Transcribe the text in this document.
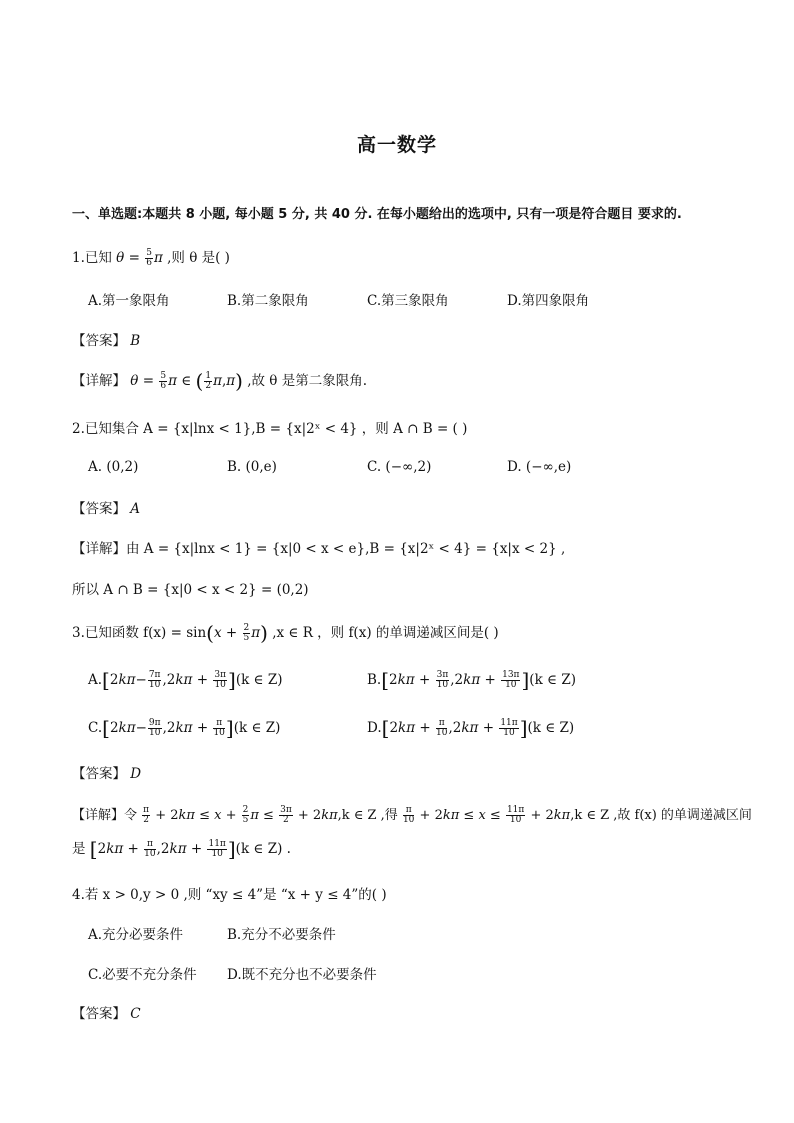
高一数学
一、单选题:本题共 8 小题, 每小题 5 分, 共 40 分. 在每小题给出的选项中, 只有一项是符合题目 要求的.
1.已知 $\theta = \frac{5}{6}$ π ,则 θ 是( )
A.第一象限角	B.第二象限角	C.第三象限角	D.第四象限角
【答案】 B
【详解】 $\theta = \frac{5}{6}$ π ∈ ( $\frac{1}{2} \pi,\pi$) ,故 θ 是第二象限角.
2.已知集合 A = {x|lnx < 1},B = {x|2ˣ < 4} ，则 A ∩ B = ( )
A. (0,2)	B. (0,e)	C. (−∞,2)	D. (−∞,e)
【答案】 A
【详解】由 A = {x|lnx < 1} = {x|0 < x < e},B = {x|2ˣ < 4} = {x|x < 2} ,
所以 A ∩ B = {x|0 < x < 2} = (0,2)
3.已知函数 $f(x) = \sin(x + \frac{2}{5} \pi)$ ,x ∈ R ，则 f(x) 的单调递减区间是( )
$A.[2k\pi- \frac{7\pi}{10} ,2k\pi + \frac{3\pi}{10} ](k$ ∈ Z)	$B.[2k\pi + \frac{3\pi}{10} ,2k\pi + \frac{13\pi}{10} ](k$ ∈ Z)
$C.[2k\pi- \frac{9\pi}{10} ,2k\pi + \frac{\pi}{10} ](k$ ∈ Z)	$D.[2k\pi + \frac{\pi}{10} ,2k\pi + \frac{11\pi}{10} ](k$ ∈ Z)
【答案】 D
【详解】令 $\frac{\pi}{2} + 2k\pi \le x + \frac{2}{5}$ $\pi \le \frac{3\pi}{2} + 2k\pi,k$ ∈ Z ,得 $\frac{\pi}{10} + 2k\pi \le x \le \frac{11\pi}{10} + 2k\pi,k$ ∈ Z ,故 f(x) 的单调递减区间
是 $[2k\pi + \frac{\pi}{10} ,2k\pi + \frac{11\pi}{10} ](k$ ∈ Z) .
4.若 x > 0,y > 0 ,则 “xy ≤ 4”是 “x + y ≤ 4”的( )
A.充分必要条件	B.充分不必要条件
C.必要不充分条件 D.既不充分也不必要条件
【答案】 C
